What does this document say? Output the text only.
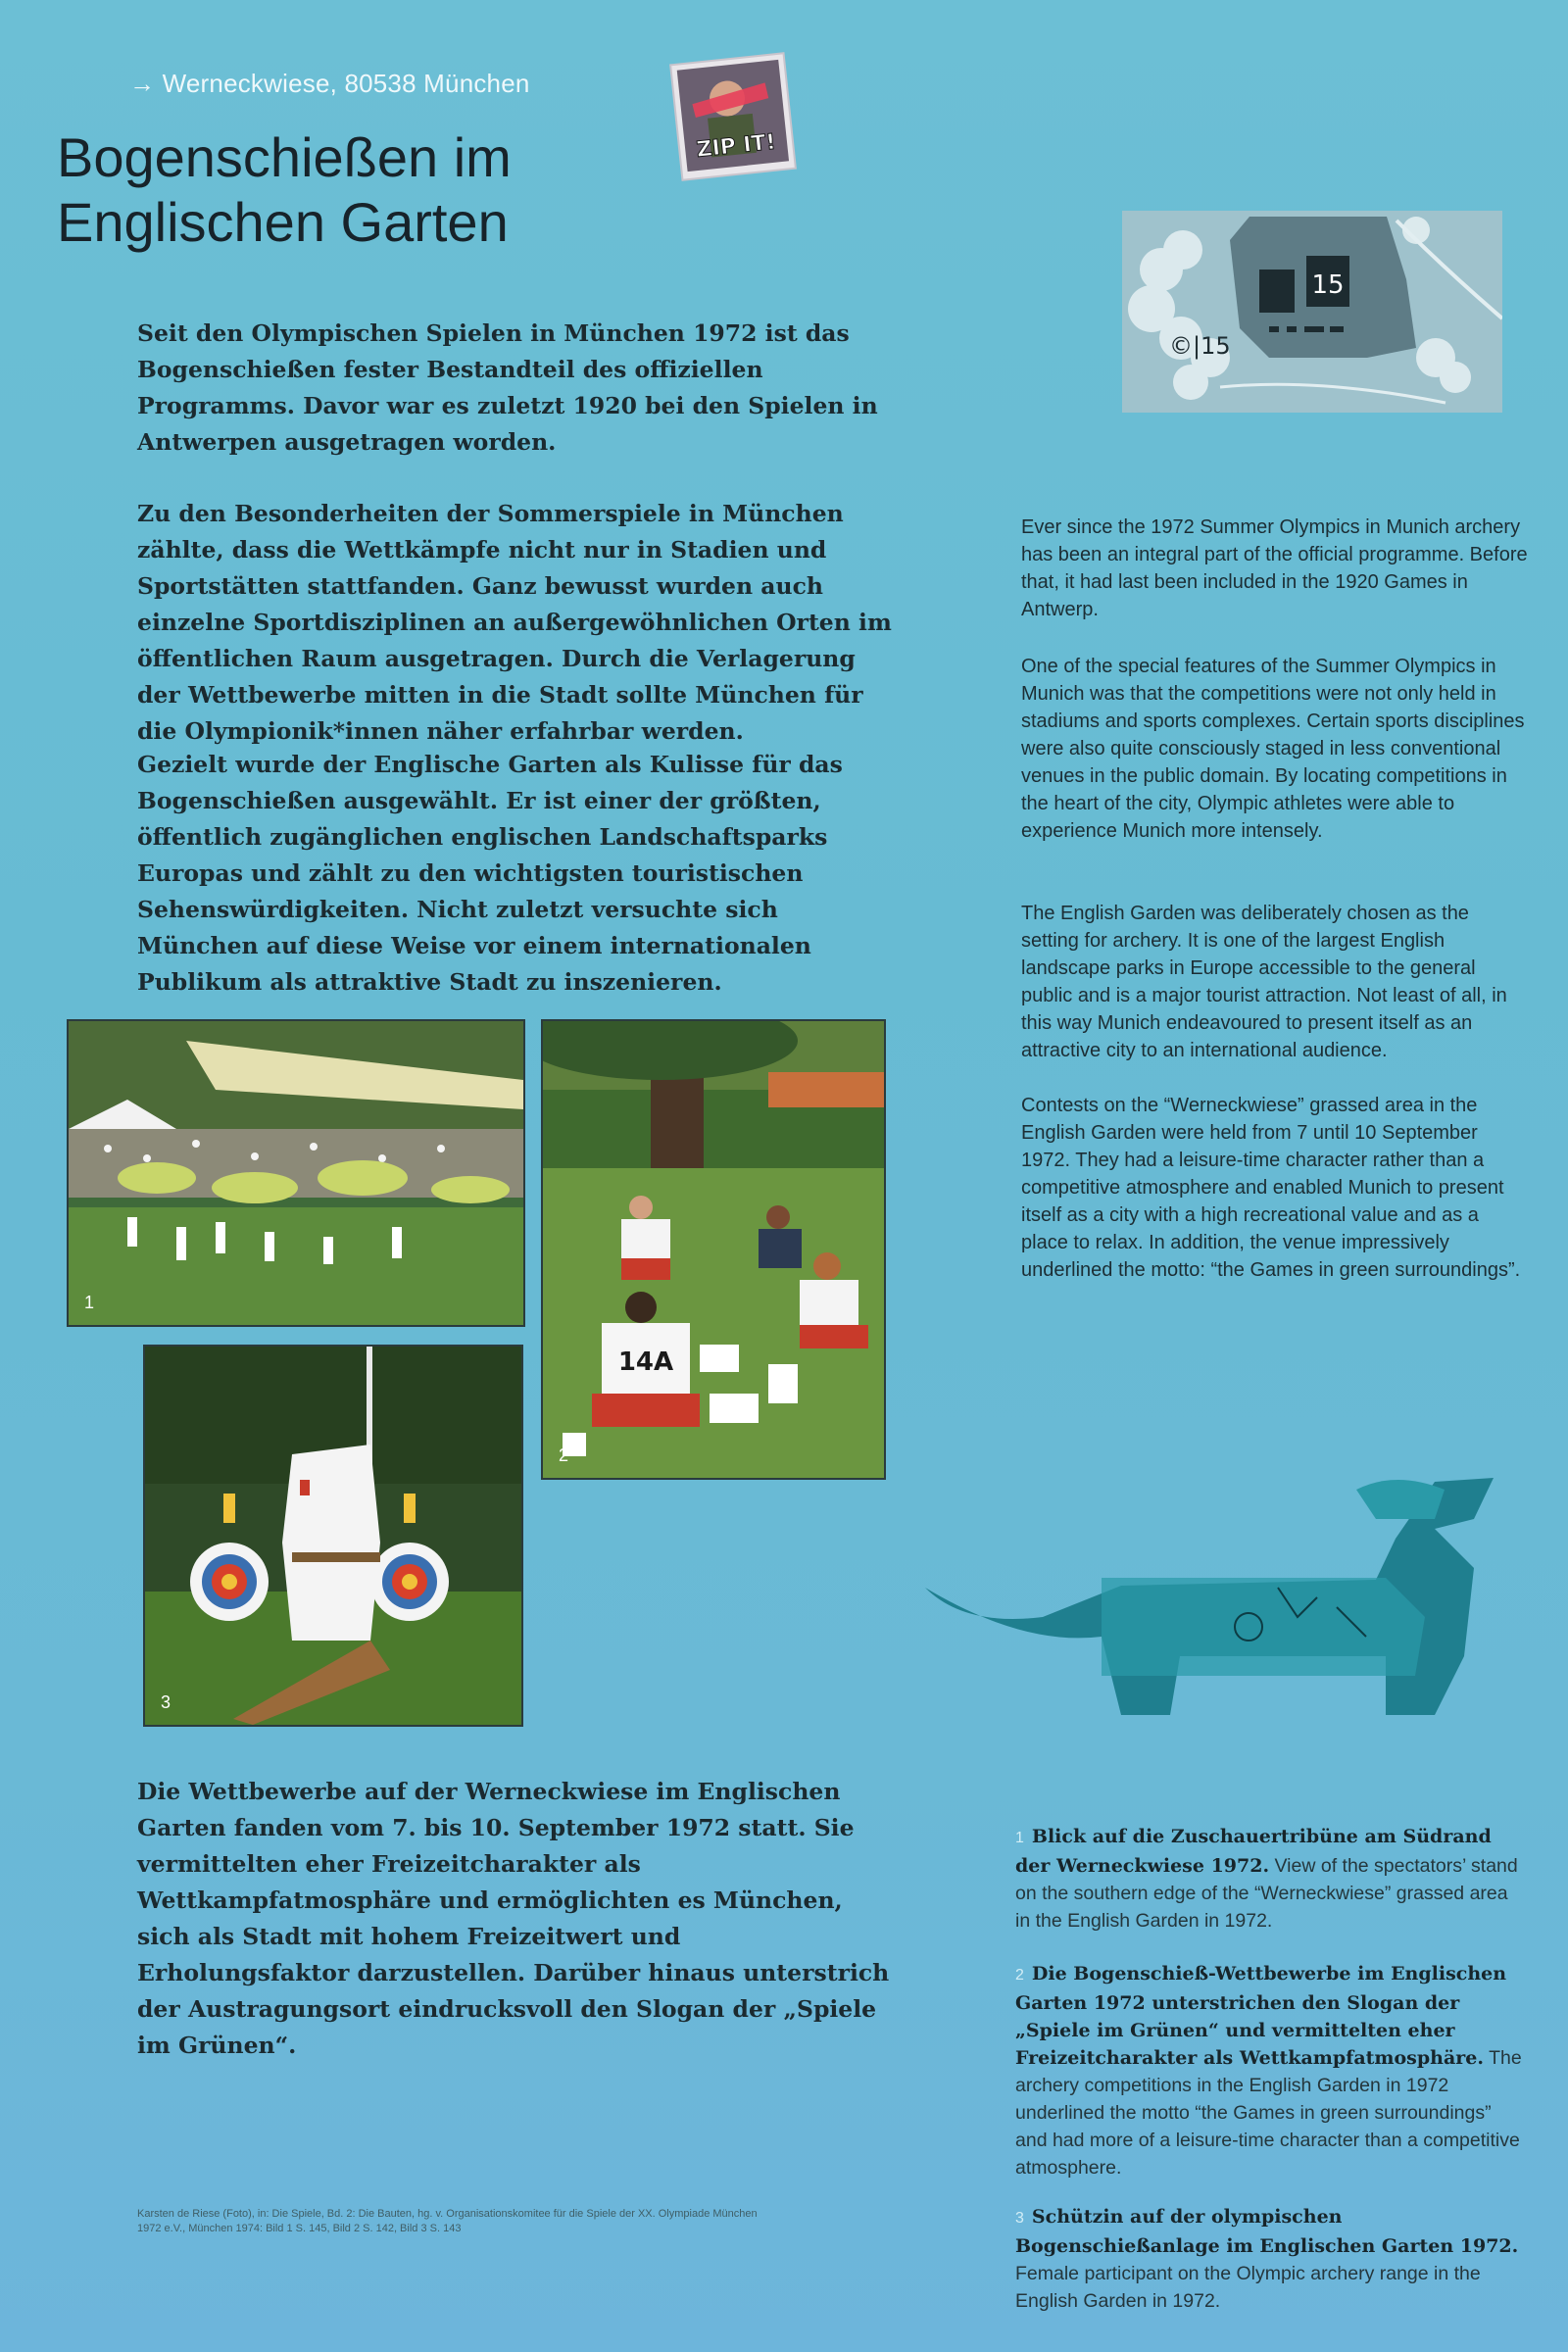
→ Werneckwiese, 80538 München
Bogenschießen im
Englischen Garten
ZIP IT!
15
©|15

Seit den Olympischen Spielen in München 1972 ist das Bogenschießen fester Bestandteil des offiziellen Programms. Davor war es zuletzt 1920 bei den Spielen in Antwerpen ausgetragen worden.

Zu den Besonderheiten der Sommerspiele in München zählte, dass die Wettkämpfe nicht nur in Stadien und Sportstätten stattfanden. Ganz bewusst wurden auch einzelne Sportdisziplinen an außergewöhnlichen Orten im öffentlichen Raum ausgetragen. Durch die Verlagerung der Wettbewerbe mitten in die Stadt sollte München für die Olympionik*innen näher erfahrbar werden.

Gezielt wurde der Englische Garten als Kulisse für das Bogenschießen ausgewählt. Er ist einer der größten, öffentlich zugänglichen englischen Landschaftsparks Europas und zählt zu den wichtigsten touristischen Sehenswürdigkeiten. Nicht zuletzt versuchte sich München auf diese Weise vor einem internationalen Publikum als attraktive Stadt zu inszenieren.

Die Wettbewerbe auf der Werneckwiese im Englischen Garten fanden vom 7. bis 10. September 1972 statt. Sie vermittelten eher Freizeitcharakter als Wettkampfatmosphäre und ermöglichten es München, sich als Stadt mit hohem Freizeitwert und Erholungsfaktor darzustellen. Darüber hinaus unterstrich der Austragungsort eindrucksvoll den Slogan der „Spiele im Grünen“.

Ever since the 1972 Summer Olympics in Munich archery has been an integral part of the official programme. Before that, it had last been included in the 1920 Games in Antwerp.

One of the special features of the Summer Olympics in Munich was that the competitions were not only held in stadiums and sports complexes. Certain sports disciplines were also quite consciously staged in less conventional venues in the public domain. By locating competitions in the heart of the city, Olympic athletes were able to experience Munich more intensely.

The English Garden was deliberately chosen as the setting for archery. It is one of the largest English landscape parks in Europe accessible to the general public and is a major tourist attraction. Not least of all, in this way Munich endeavoured to present itself as an attractive city to an international audience.

Contests on the “Werneckwiese” grassed area in the English Garden were held from 7 until 10 September 1972. They had a leisure-time character rather than a competitive atmosphere and enabled Munich to present itself as a city with a high recreational value and as a place to relax. In addition, the venue impressively underlined the motto: “the Games in green surroundings”.

1
14A
2
3
1 Blick auf die Zuschauertribüne am Südrand der Werneckwiese 1972. View of the spectators’ stand on the southern edge of the “Werneckwiese” grassed area in the English Garden in 1972.
2 Die Bogenschieß-Wettbewerbe im Englischen Garten 1972 unterstrichen den Slogan der „Spiele im Grünen“ und vermittelten eher Freizeitcharakter als Wettkampfatmosphäre. The archery competitions in the English Garden in 1972 underlined the motto “the Games in green surroundings” and had more of a leisure-time character than a competitive atmosphere.
3 Schützin auf der olympischen Bogenschießanlage im Englischen Garten 1972. Female participant on the Olympic archery range in the English Garden in 1972.
Karsten de Riese (Foto), in: Die Spiele, Bd. 2: Die Bauten, hg. v. Organisationskomitee für die Spiele der XX. Olympiade München 1972 e.V., München 1974: Bild 1 S. 145, Bild 2 S. 142, Bild 3 S. 143
